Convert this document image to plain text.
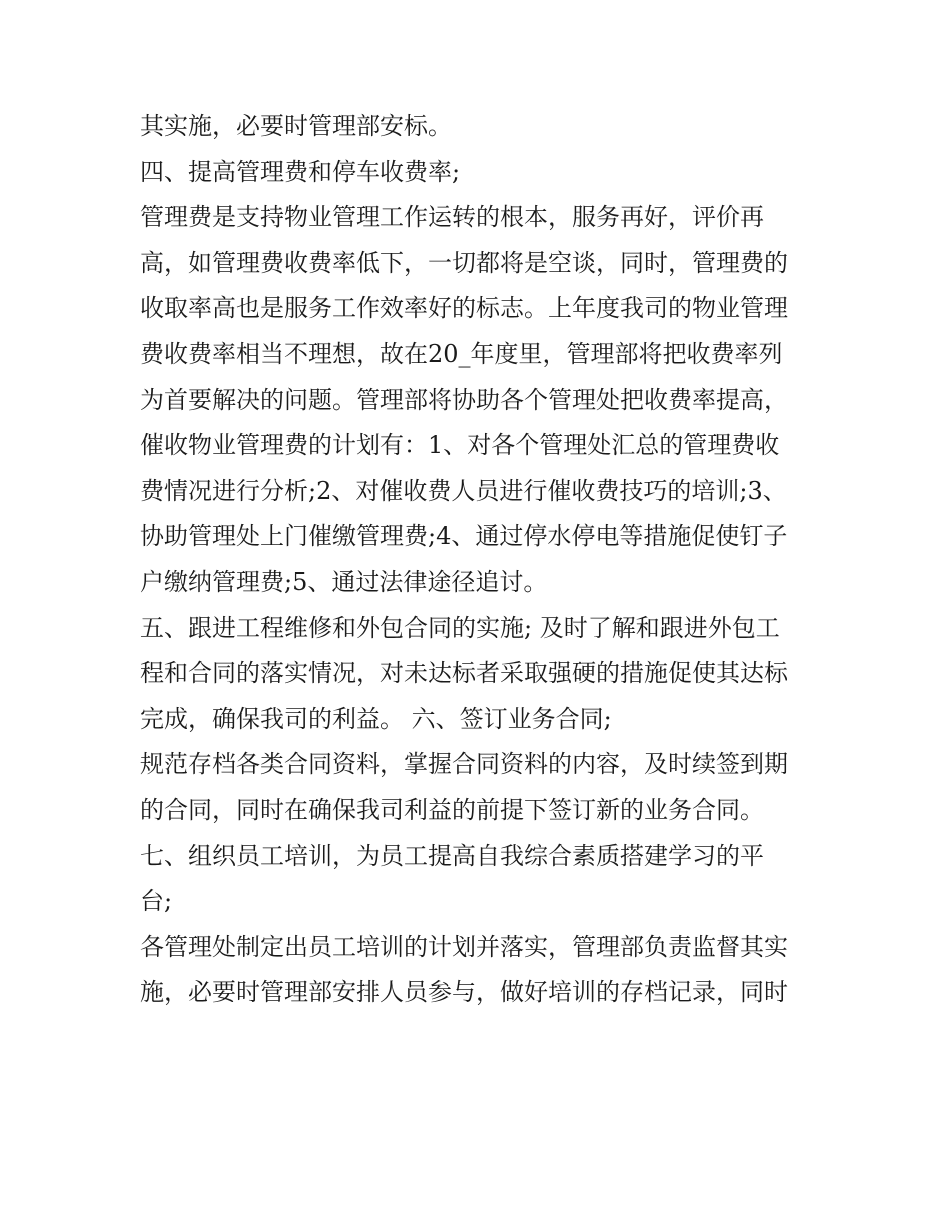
其实施，必要时管理部安标。
四、提高管理费和停车收费率;
管理费是支持物业管理工作运转的根本，服务再好，评价再
高，如管理费收费率低下，一切都将是空谈，同时，管理费的
收取率高也是服务工作效率好的标志。上年度我司的物业管理
费收费率相当不理想，故在20_年度里，管理部将把收费率列
为首要解决的问题。管理部将协助各个管理处把收费率提高，
催收物业管理费的计划有：1、对各个管理处汇总的管理费收
费情况进行分析;2、对催收费人员进行催收费技巧的培训;3、
协助管理处上门催缴管理费;4、通过停水停电等措施促使钉子
户缴纳管理费;5、通过法律途径追讨。
五、跟进工程维修和外包合同的实施; 及时了解和跟进外包工
程和合同的落实情况，对未达标者采取强硬的措施促使其达标
完成，确保我司的利益。 六、签订业务合同;
规范存档各类合同资料，掌握合同资料的内容，及时续签到期
的合同，同时在确保我司利益的前提下签订新的业务合同。
七、组织员工培训，为员工提高自我综合素质搭建学习的平
台;
各管理处制定出员工培训的计划并落实，管理部负责监督其实
施，必要时管理部安排人员参与，做好培训的存档记录，同时
